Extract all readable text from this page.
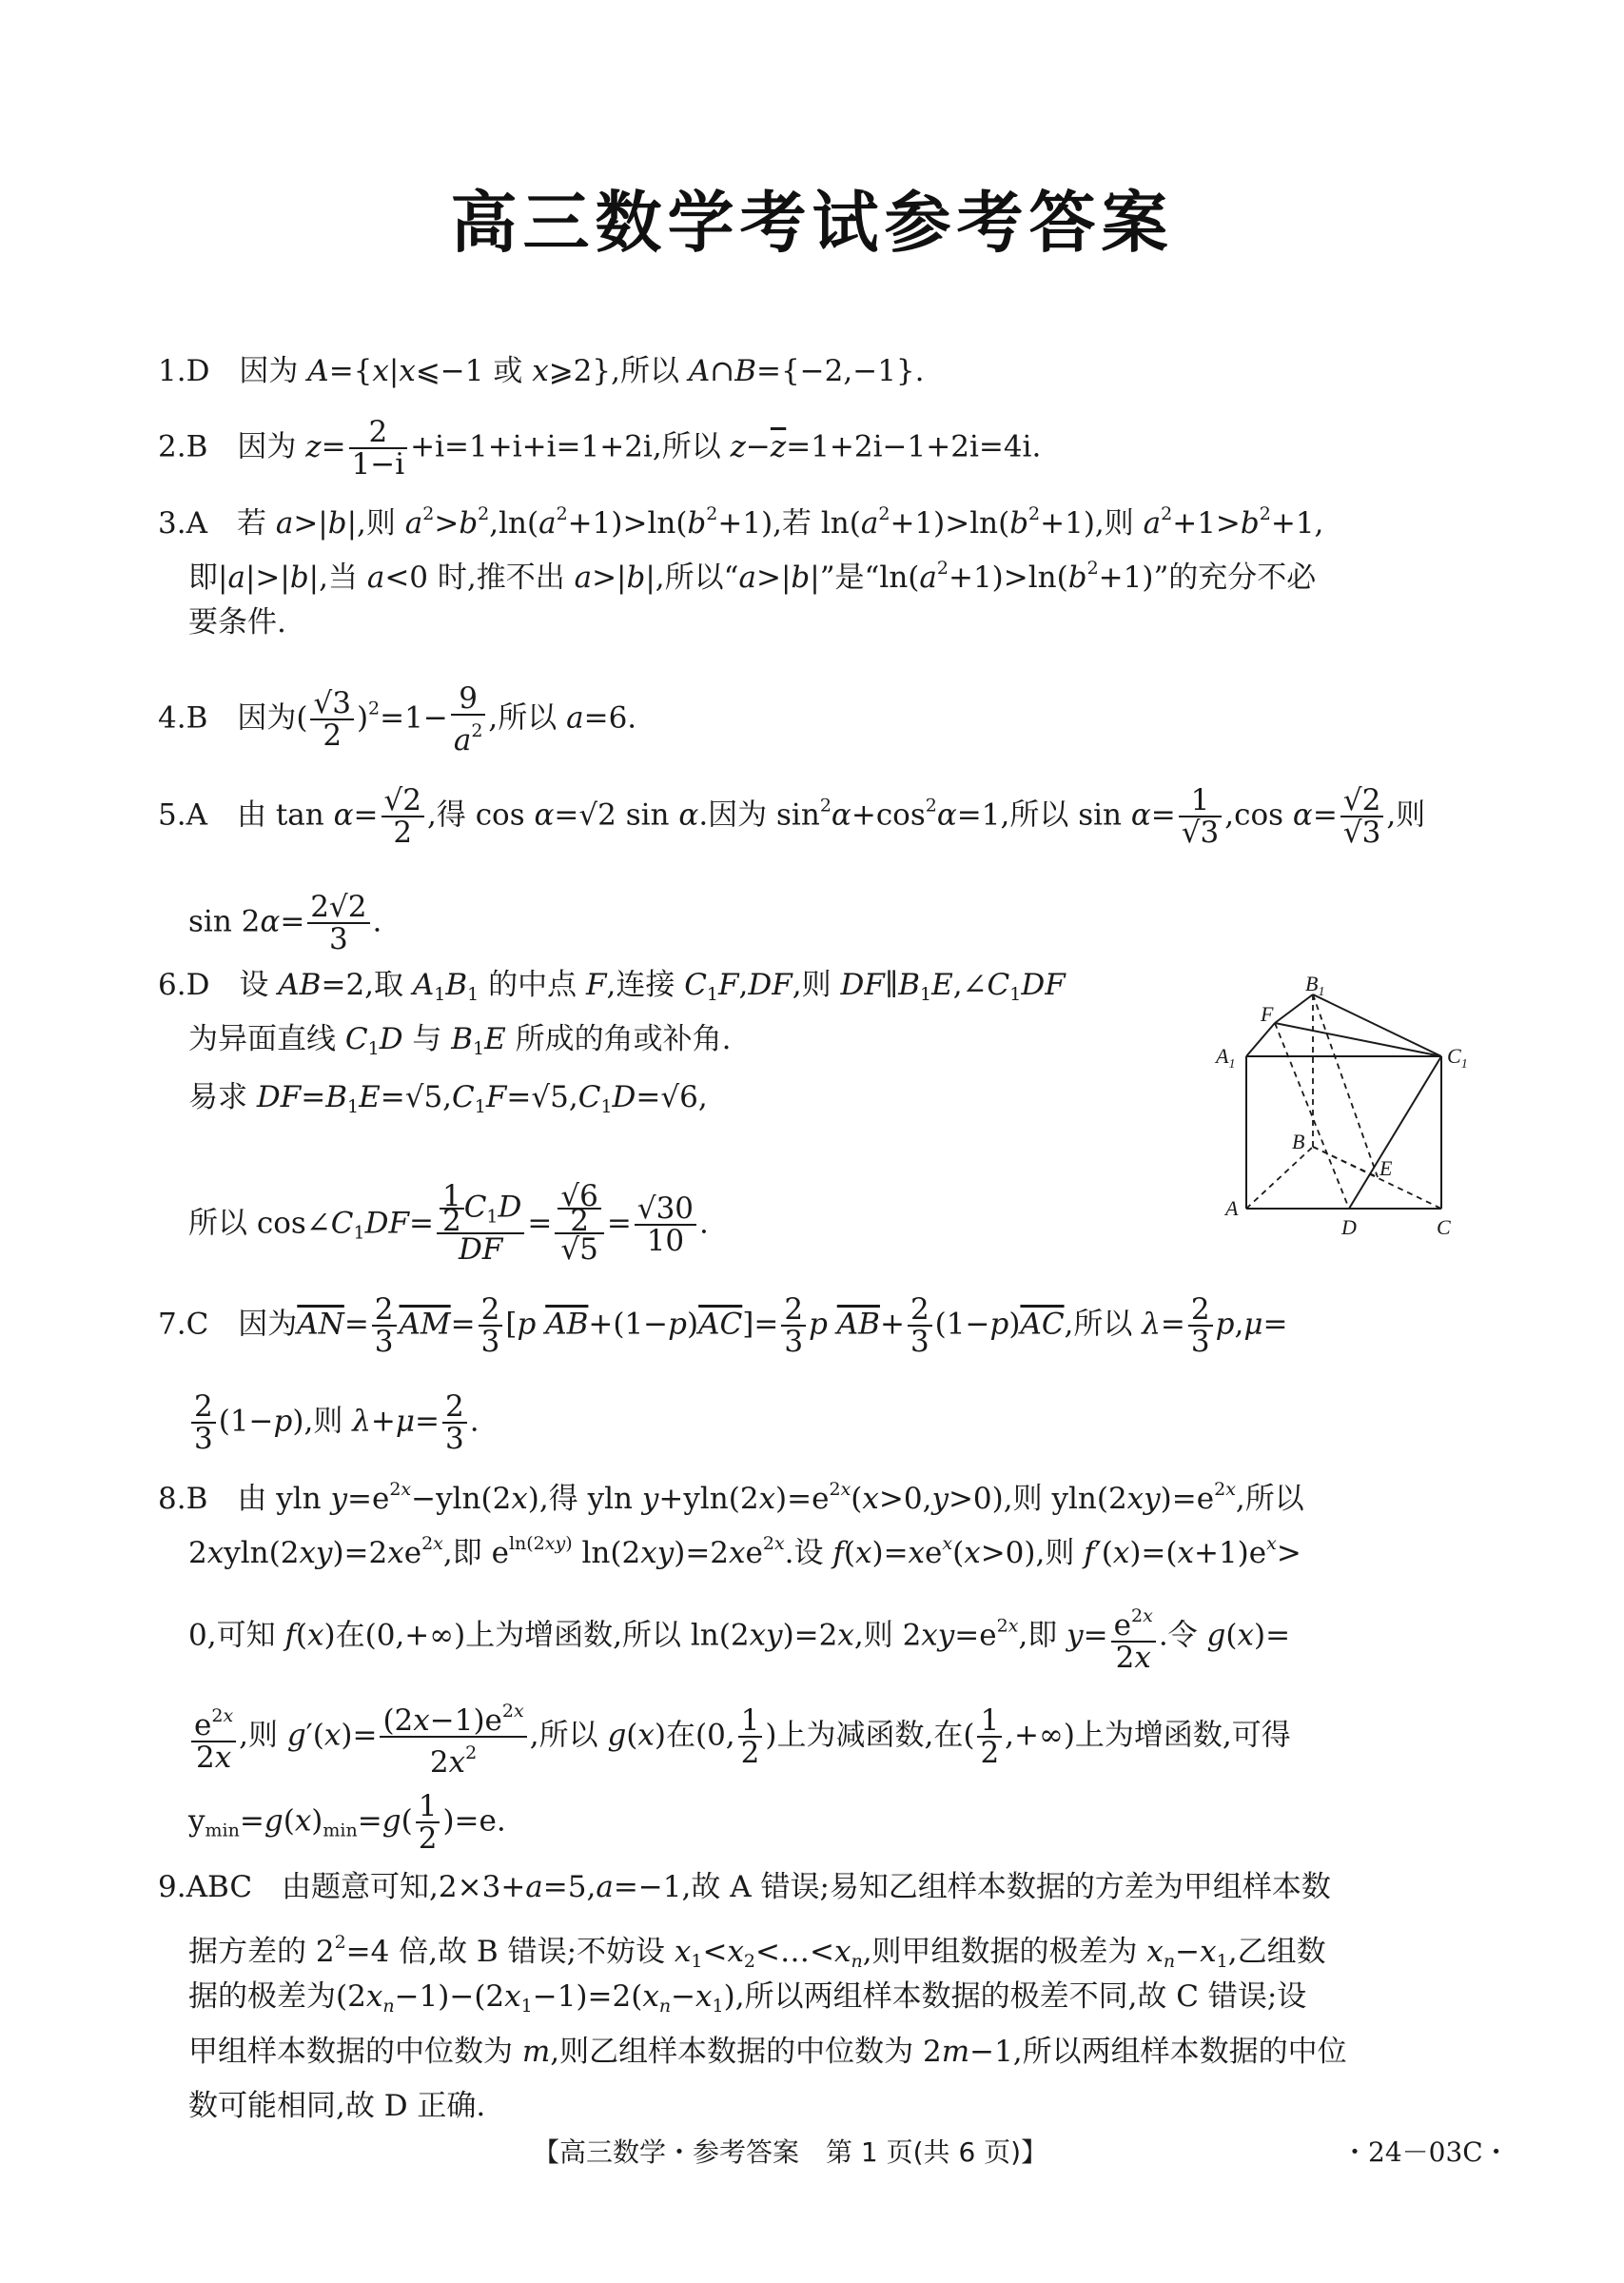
高三数学考试参考答案
1.D　因为 A={x|x⩽−1 或 x⩾2},所以 A∩B={−2,−1}.
2.B　因为 $z= \frac{2}{1-i} +i=1+i+i=1+2i$,所以 $z-\overline{z}=1+2i-1+2i=4i$.
3.A　若 a>|b|,则 $a^2>b^2,\ln(a^2+1)>\ln(b^2+1)$,若 $\ln(a^2+1)>\ln(b^2+1)$,则 $a^2+1>b^2+1$,
即|a|>|b|,当 a<0 时,推不出 a>|b|,所以“a>|b|”是“$\ln(a^2+1)>\ln(b^2+1)$”的充分不必
要条件.
4.B　因为( $\frac{√3}{2} )^2=1- \frac{9}{a^2}$ ,所以 a=6.
5.A　由 $\tan \alpha= \frac{√2}{2}$ ,得 cos α=√2 sin α.因为 $\sin^2\alpha+\cos^2\alpha=1$,所以 $\sin \alpha= \frac{1}{√3} ,\cos$ $\alpha= \frac{√2}{√3}$ ,则
$\sin 2\alpha= \frac{2√2}{3}$ .
6.D　设 AB=2,取 $A_1B_1$ 的中点 F,连接 $C_1F,DF$,则 $DF\parallel B_1E,\angle C_1DF$
为异面直线 $C_1D$ 与 $B_1E$ 所成的角或补角.
易求 $DF=B_1E=√5,C_1F=√5,C_1D=√6$,
所以 $\cos\angle C_1DF= \frac{\frac{1}{2} C_1D}{DF} = \frac{\frac{√6}{2}}{√5} = \frac{√30}{10}$ .
$B_1$
F
$A_1$	$C_1$
B
E
A
D	C
7.C　因为$\overline{AN}= \frac{2}{3} \overline{AM}= \frac{2}{3} [p$ $\overline{AB}+(1-p)\overline{AC}]= \frac{2}{3}$ p $\overline{AB}+ \frac{2}{3} (1-p)\overline{AC}$,所以 $\lambda= \frac{2}{3} p,\mu=$
$\frac{2}{3} (1-p)$,则 $\lambda+\mu= \frac{2}{3}$ .
8.B　由 yln $y=e^{2x}-yln(2x)$,得 yln $y+yln(2x)=e^{2x}(x>0,y>0)$,则 $yln(2xy)=e^{2x}$,所以
$2xyln(2xy)=2xe^{2x}$,即 $e^{ln(2xy)}$ $\ln(2xy)=2xe^{2x}$.设 $f(x)=xe^x(x>0)$,则 $f'(x)=(x+1)e^x>$
0,可知 f(x)在(0,+∞)上为增函数,所以 ln(2xy)=2x,则 $2xy=e^{2x}$,即 $y= \frac{e^{2x}}{2x}$ .令 g(x)=
$\frac{e^{2x}}{2x}$ ,则 $g'(x)= \frac{(2x-1)e^{2x}}{2x^2}$ ,所以 g(x)在(0, $\frac{1}{2}$ )上为减函数,在( $\frac{1}{2}$ ,+∞)上为增函数,可得
$y_{min}=g(x)_{min}=g( \frac{1}{2} )=e$.
9.ABC　由题意可知,2×3+a=5,a=−1,故 A 错误;易知乙组样本数据的方差为甲组样本数
据方差的 $2^2=4$ 倍,故 B 错误;不妨设 $x_1<x_2<\dots<x_n$,则甲组数据的极差为 $x_n-x_1$,乙组数
据的极差为$(2x_n-1)-(2x_1-1)=2(x_n-x_1)$,所以两组样本数据的极差不同,故 C 错误;设
甲组样本数据的中位数为 m,则乙组样本数据的中位数为 2m−1,所以两组样本数据的中位
数可能相同,故 D 正确.
【高三数学・参考答案　第 1 页(共 6 页)】	・24－03C・
